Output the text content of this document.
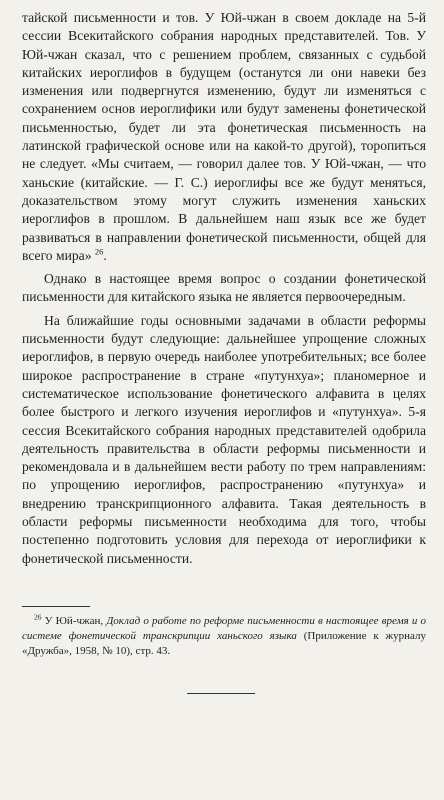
тайской письменности и тов. У Юй-чжан в своем докладе на 5-й сессии Всекитайского собрания народных представителей. Тов. У Юй-чжан сказал, что с решением проблем, связанных с судьбой китайских иероглифов в будущем (останутся ли они навеки без изменения или подвергнутся изменению, будут ли изменяться с сохранением основ иероглифики или будут заменены фонетической письменностью, будет ли эта фонетическая письменность на латинской графической основе или на какой-то другой), торопиться не следует. «Мы считаем, — говорил далее тов. У Юй-чжан, — что ханьские (китайские. — Г. С.) иероглифы все же будут меняться, доказательством этому могут служить изменения ханьских иероглифов в прошлом. В дальнейшем наш язык все же будет развиваться в направлении фонетической письменности, общей для всего мира» $^{26}$.

Однако в настоящее время вопрос о создании фонетической письменности для китайского языка не является первоочередным.

На ближайшие годы основными задачами в области реформы письменности будут следующие: дальнейшее упрощение сложных иероглифов, в первую очередь наиболее употребительных; все более широкое распространение в стране «путунхуа»; планомерное и систематическое использование фонетического алфавита в целях более быстрого и легкого изучения иероглифов и «путунхуа». 5-я сессия Всекитайского собрания народных представителей одобрила деятельность правительства в области реформы письменности и рекомендовала и в дальнейшем вести работу по трем направлениям: по упрощению иероглифов, распространению «путунхуа» и внедрению транскрипционного алфавита. Такая деятельность в области реформы письменности необходима для того, чтобы постепенно подготовить условия для перехода от иероглифики к фонетической письменности.

$^{26}$ У Юй-чжан, Доклад о работе по реформе письменности в настоящее время и о системе фонетической транскрипции ханьского языка (Приложение к журналу «Дружба», 1958, № 10), стр. 43.
